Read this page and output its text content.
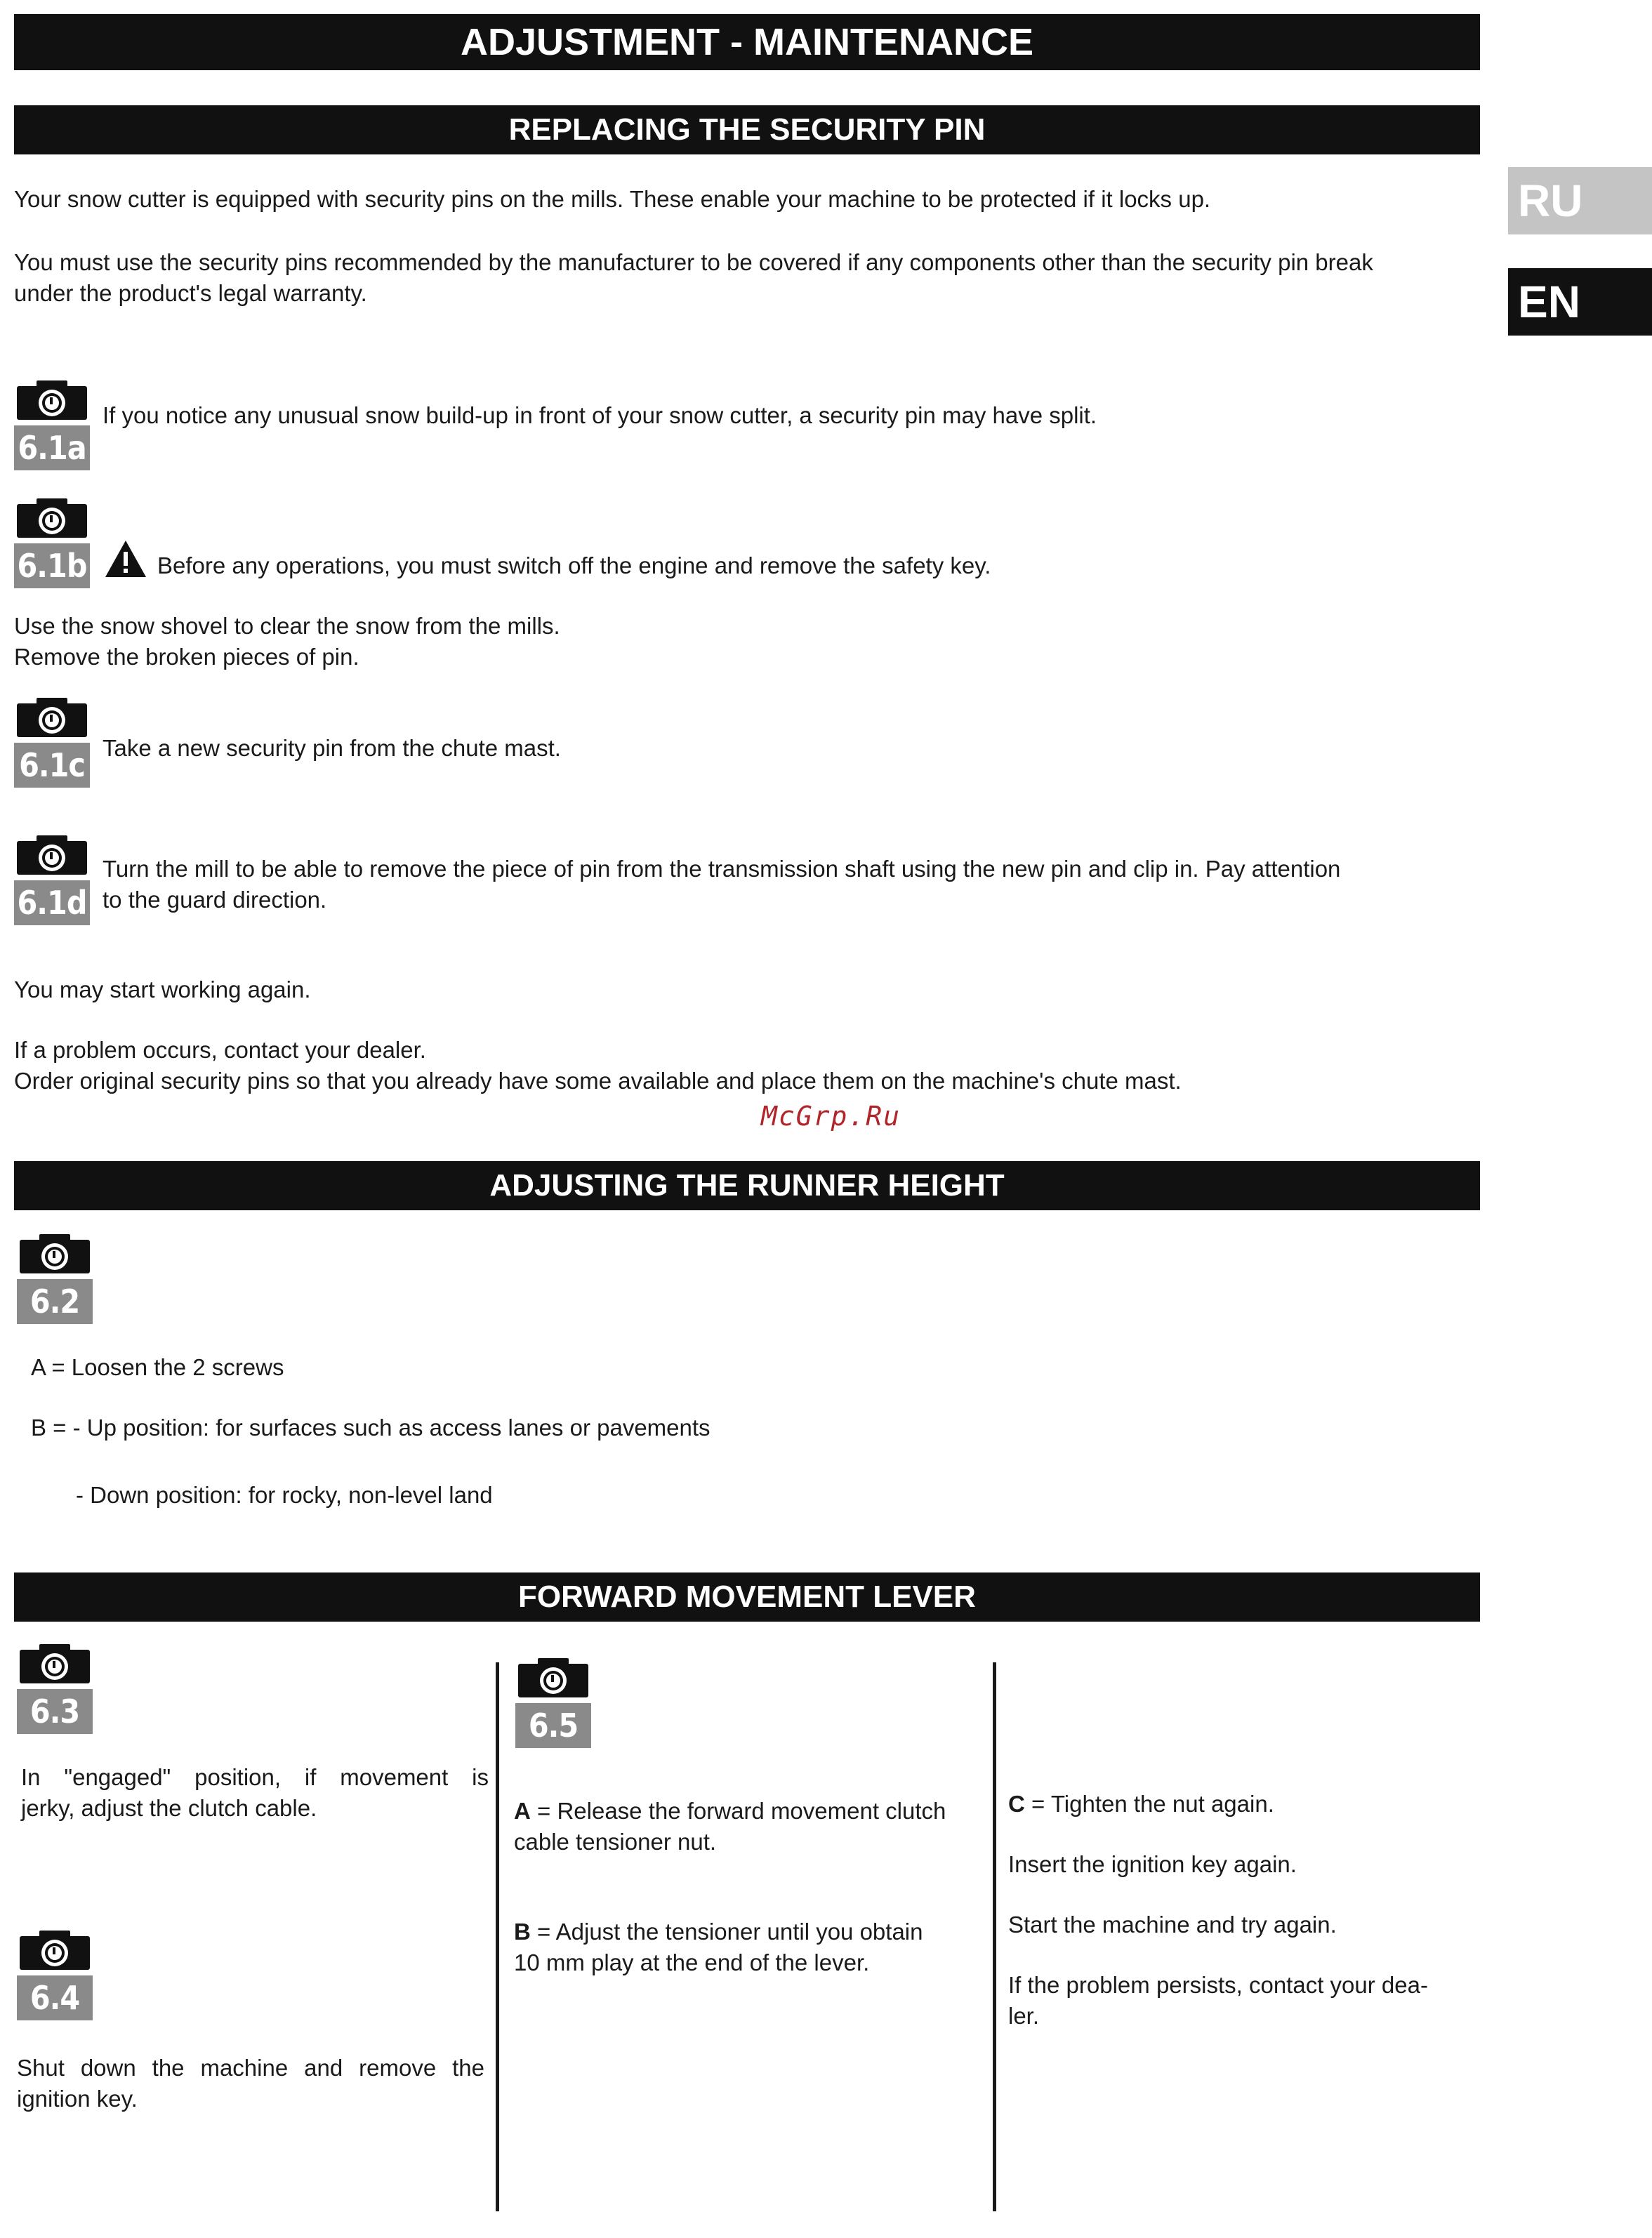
ADJUSTMENT - MAINTENANCE
RU
EN
REPLACING THE SECURITY PIN
Your snow cutter is equipped with security pins on the mills. These enable your machine to be protected if it locks up.
You must use the security pins recommended by the manufacturer to be covered if any components other than the security pin break
under the product's legal warranty.
6.1a
If you notice any unusual snow build-up in front of your snow cutter, a security pin may have split.
6.1b	Before any operations, you must switch off the engine and remove the safety key.
Use the snow shovel to clear the snow from the mills.
Remove the broken pieces of pin.
6.1c Take a new security pin from the chute mast.
6.1d
Turn the mill to be able to remove the piece of pin from the transmission shaft using the new pin and clip in. Pay attention
to the guard direction.
You may start working again.
If a problem occurs, contact your dealer.
Order original security pins so that you already have some available and place them on the machine's chute mast.
McGrp.Ru
ADJUSTING THE RUNNER HEIGHT
6.2
A = Loosen the 2 screws
B = - Up position: for surfaces such as access lanes or pavements
- Down position: for rocky, non-level land
FORWARD MOVEMENT LEVER
6.3
In "engaged" position, if movement is
jerky, adjust the clutch cable.
6.4
Shut down the machine and remove the
ignition key.
6.5
A = Release the forward movement clutch
cable tensioner nut.
B = Adjust the tensioner until you obtain
10 mm play at the end of the lever.
C = Tighten the nut again.
Insert the ignition key again.
Start the machine and try again.
If the problem persists, contact your dea-
ler.
